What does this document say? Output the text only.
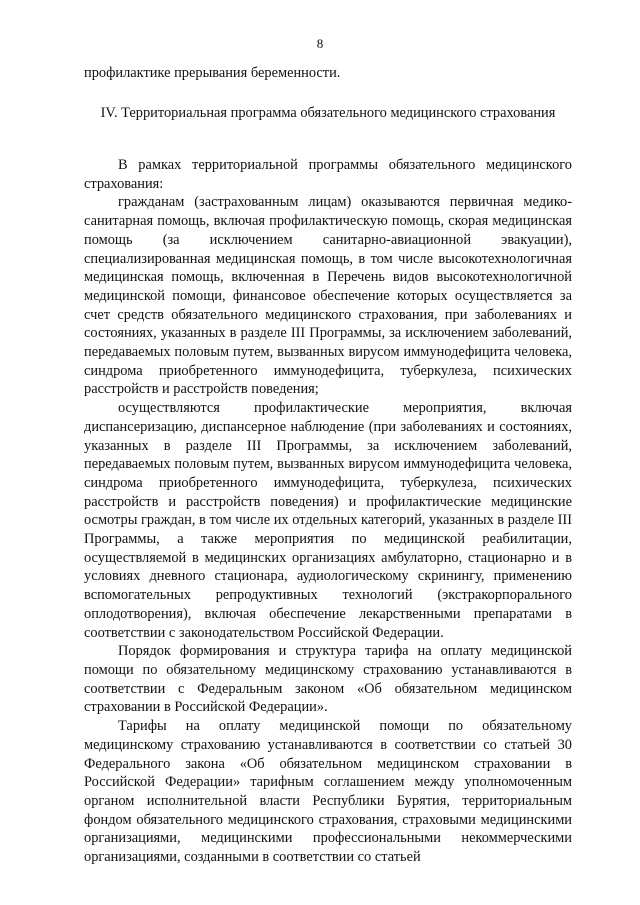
8
профилактике прерывания беременности.
IV. Территориальная программа обязательного медицинского страхования

В рамках территориальной программы обязательного медицинского страхования:

гражданам (застрахованным лицам) оказываются первичная медико-санитарная помощь, включая профилактическую помощь, скорая медицинская помощь (за исключением санитарно-авиационной эвакуации), специализированная медицинская помощь, в том числе высокотехнологичная медицинская помощь, включенная в Перечень видов высокотехнологичной медицинской помощи, финансовое обеспечение которых осуществляется за счет средств обязательного медицинского страхования, при заболеваниях и состояниях, указанных в разделе III Программы, за исключением заболеваний, передаваемых половым путем, вызванных вирусом иммунодефицита человека, синдрома приобретенного иммунодефицита, туберкулеза, психических расстройств и расстройств поведения;

осуществляются профилактические мероприятия, включая диспансеризацию, диспансерное наблюдение (при заболеваниях и состояниях, указанных в разделе III Программы, за исключением заболеваний, передаваемых половым путем, вызванных вирусом иммунодефицита человека, синдрома приобретенного иммунодефицита, туберкулеза, психических расстройств и расстройств поведения) и профилактические медицинские осмотры граждан, в том числе их отдельных категорий, указанных в разделе III Программы, а также мероприятия по медицинской реабилитации, осуществляемой в медицинских организациях амбулаторно, стационарно и в условиях дневного стационара, аудиологическому скринингу, применению вспомогательных репродуктивных технологий (экстракорпорального оплодотворения), включая обеспечение лекарственными препаратами в соответствии с законодательством Российской Федерации.

Порядок формирования и структура тарифа на оплату медицинской помощи по обязательному медицинскому страхованию устанавливаются в соответствии с Федеральным законом «Об обязательном медицинском страховании в Российской Федерации».

Тарифы на оплату медицинской помощи по обязательному медицинскому страхованию устанавливаются в соответствии со статьей 30 Федерального закона «Об обязательном медицинском страховании в Российской Федерации» тарифным соглашением между уполномоченным органом исполнительной власти Республики Бурятия, территориальным фондом обязательного медицинского страхования, страховыми медицинскими организациями, медицинскими профессиональными некоммерческими организациями, созданными в соответствии со статьей
